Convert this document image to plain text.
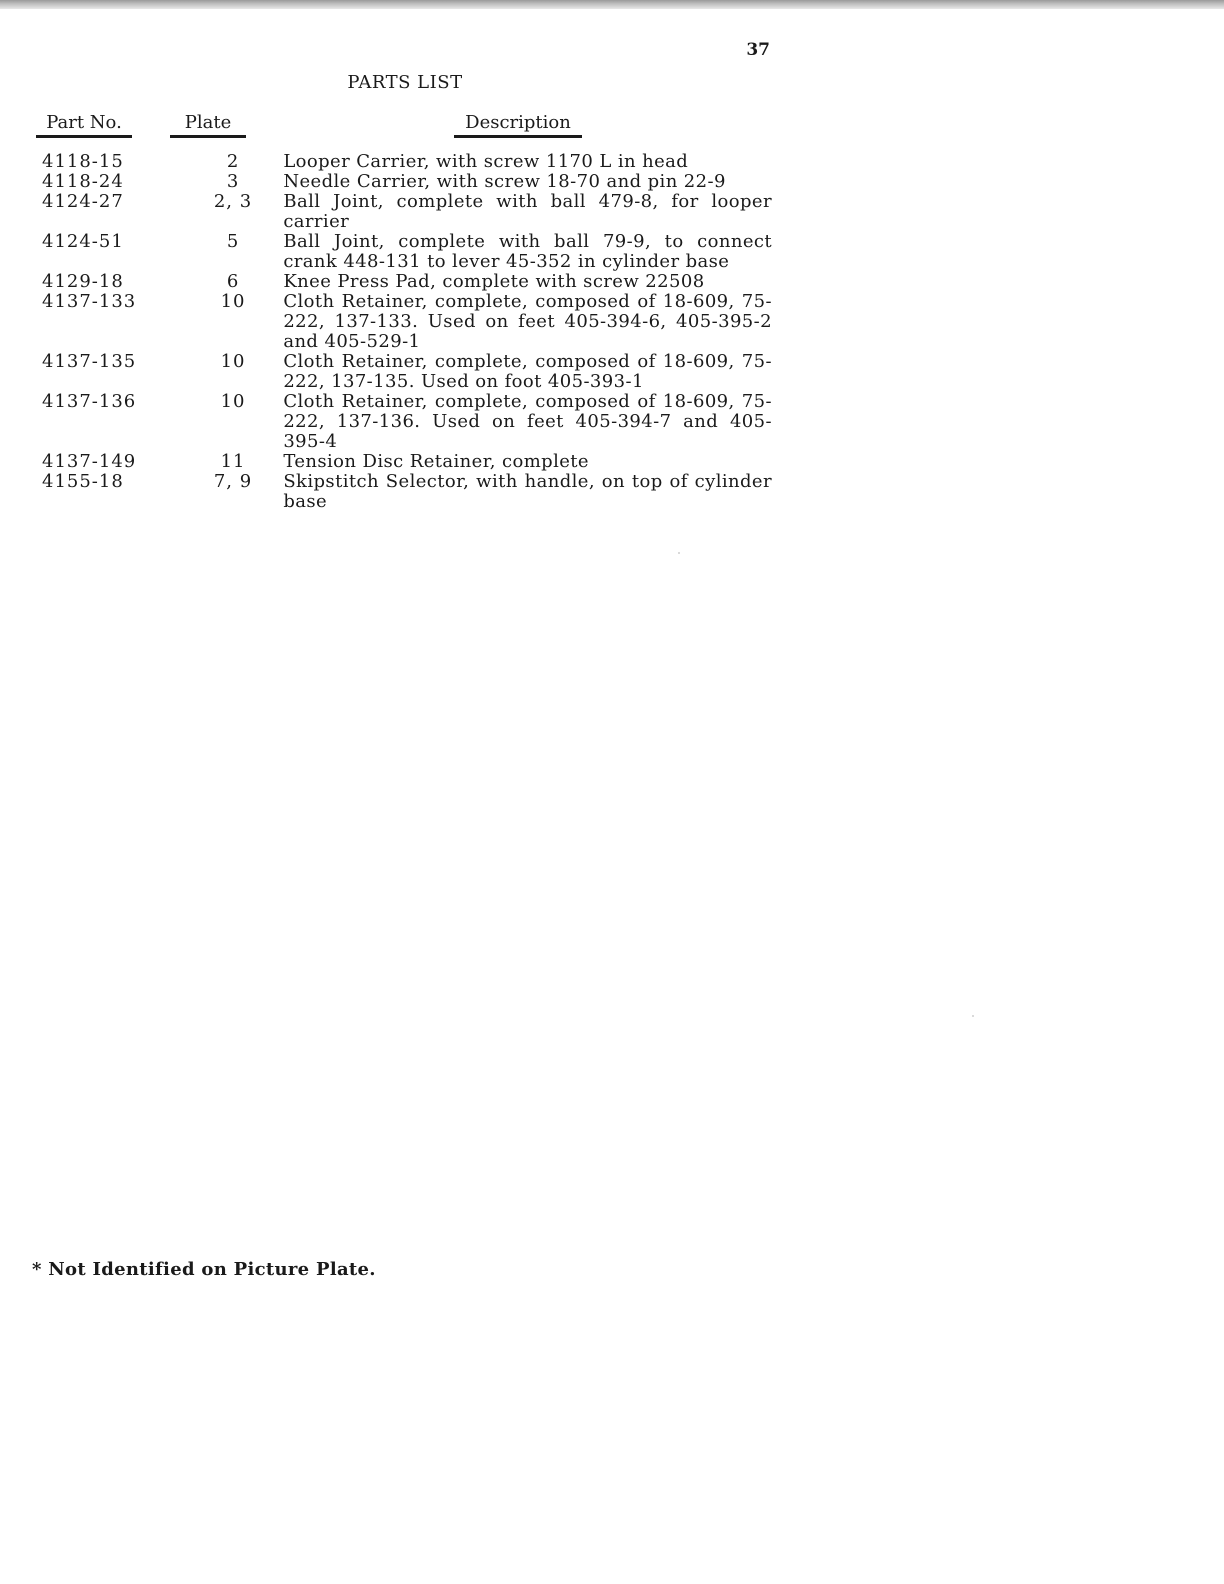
37
PARTS LIST
Part No.	Plate	Description
4118-15	2	Looper Carrier, with screw 1170 L in head
4118-24	3	Needle Carrier, with screw 18-70 and pin 22-9
4124-27	2, 3	Ball Joint, complete with ball 479-8, for looper carrier
4124-51	5	Ball Joint, complete with ball 79-9, to connect crank 448-131 to lever 45-352 in cylinder base
4129-18	6	Knee Press Pad, complete with screw 22508
4137-133	10	Cloth Retainer, complete, composed of 18-609, 75-222, 137-133. Used on feet 405-394-6, 405-395-2 and 405-529-1
4137-135	10	Cloth Retainer, complete, composed of 18-609, 75-222, 137-135. Used on foot 405-393-1
4137-136	10	Cloth Retainer, complete, composed of 18-609, 75-222, 137-136. Used on feet 405-394-7 and 405-395-4
4137-149	11	Tension Disc Retainer, complete
4155-18	7, 9	Skipstitch Selector, with handle, on top of cylinder base
* Not Identified on Picture Plate.
